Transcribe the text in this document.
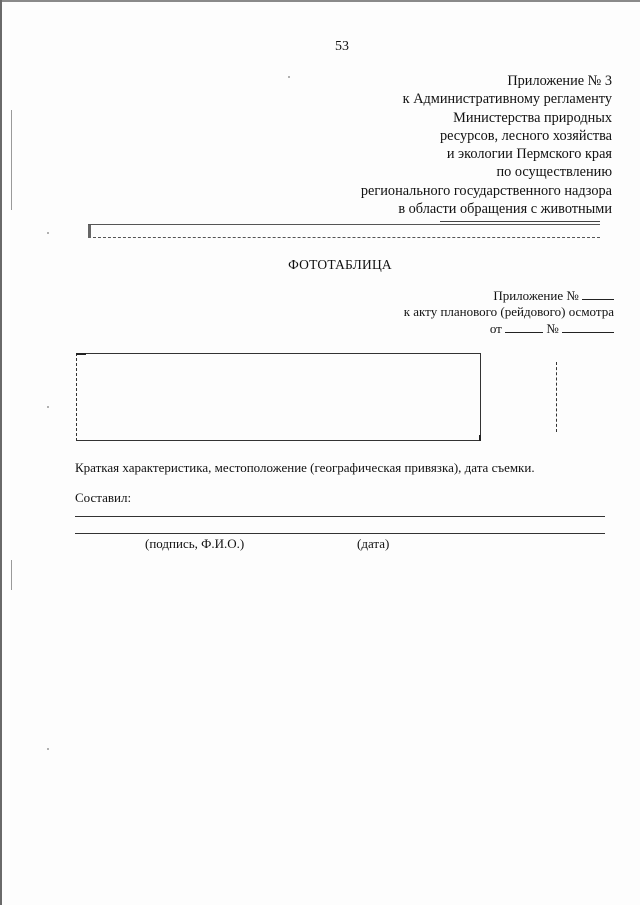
53
Приложение № 3
к Административному регламенту
Министерства природных
ресурсов, лесного хозяйства
и экологии Пермского края
по осуществлению
регионального государственного надзора
в области обращения с животными
ФОТОТАБЛИЦА
Приложение №
к акту планового (рейдового) осмотра
от	№
Краткая характеристика, местоположение (географическая привязка), дата съемки.
Составил:
(подпись, Ф.И.О.)	(дата)
